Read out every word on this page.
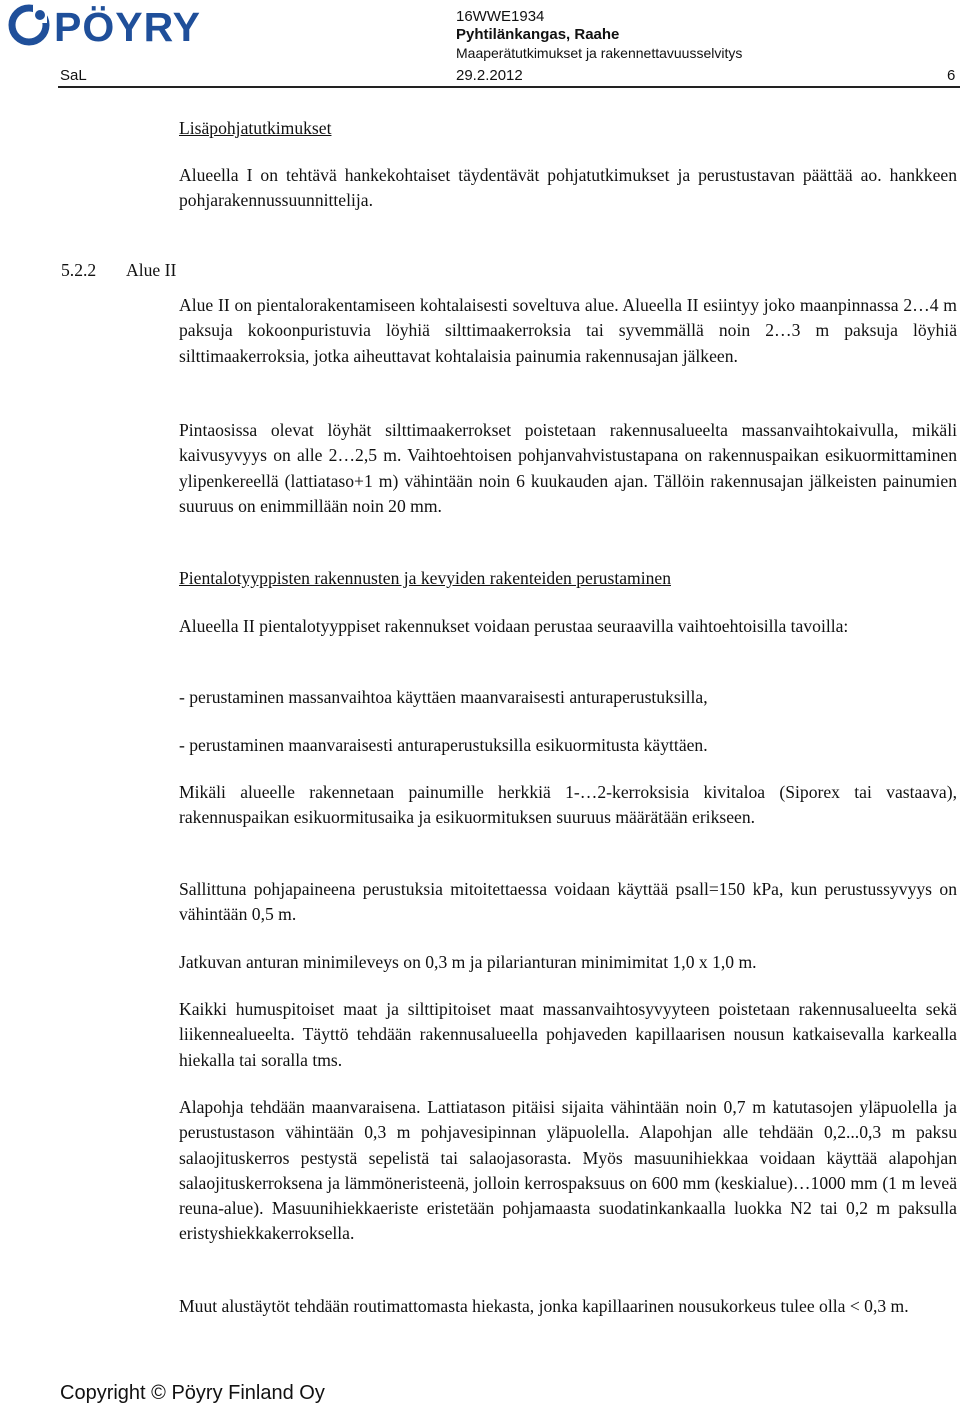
PÖYRY	16WWE1934
Pyhtilänkangas, Raahe
Maaperätutkimukset ja rakennettavuusselvitys
SaL	29.2.2012	6

Lisäpohjatutkimukset

Alueella I on tehtävä hankekohtaiset täydentävät pohjatutkimukset ja perustustavan päättää ao. hankkeen pohjarakennussuunnittelija.

5.2.2 Alue II

Alue II on pientalorakentamiseen kohtalaisesti soveltuva alue. Alueella II esiintyy joko maanpinnassa 2…4 m paksuja kokoonpuristuvia löyhiä silttimaakerroksia tai syvemmällä noin 2…3 m paksuja löyhiä silttimaakerroksia, jotka aiheuttavat kohtalaisia painumia rakennusajan jälkeen.

Pintaosissa olevat löyhät silttimaakerrokset poistetaan rakennusalueelta massanvaihtokaivulla, mikäli kaivusyvyys on alle 2…2,5 m. Vaihtoehtoisen pohjanvahvistustapana on rakennuspaikan esikuormittaminen ylipenkereellä (lattiataso+1 m) vähintään noin 6 kuukauden ajan. Tällöin rakennusajan jälkeisten painumien suuruus on enimmillään noin 20 mm.

Pientalotyyppisten rakennusten ja kevyiden rakenteiden perustaminen

Alueella II pientalotyyppiset rakennukset voidaan perustaa seuraavilla vaihtoehtoisilla tavoilla:

- perustaminen massanvaihtoa käyttäen maanvaraisesti anturaperustuksilla,
- perustaminen maanvaraisesti anturaperustuksilla esikuormitusta käyttäen.

Mikäli alueelle rakennetaan painumille herkkiä 1-…2-kerroksisia kivitaloa (Siporex tai vastaava), rakennuspaikan esikuormitusaika ja esikuormituksen suuruus määrätään erikseen.

Sallittuna pohjapaineena perustuksia mitoitettaessa voidaan käyttää psall=150 kPa, kun perustussyvyys on vähintään 0,5 m.

Jatkuvan anturan minimileveys on 0,3 m ja pilarianturan minimimitat 1,0 x 1,0 m.

Kaikki humuspitoiset maat ja silttipitoiset maat massanvaihtosyvyyteen poistetaan rakennusalueelta sekä liikennealueelta. Täyttö tehdään rakennusalueella pohjaveden kapillaarisen nousun katkaisevalla karkealla hiekalla tai soralla tms.

Alapohja tehdään maanvaraisena. Lattiatason pitäisi sijaita vähintään noin 0,7 m katutasojen yläpuolella ja perustustason vähintään 0,3 m pohjavesipinnan yläpuolella. Alapohjan alle tehdään 0,2...0,3 m paksu salaojituskerros pestystä sepelistä tai salaojasorasta. Myös masuunihiekkaa voidaan käyttää alapohjan salaojituskerroksena ja lämmöneristeenä, jolloin kerrospaksuus on 600 mm (keskialue)…1000 mm (1 m leveä reuna-alue). Masuunihiekkaeriste eristetään pohjamaasta suodatinkankaalla luokka N2 tai 0,2 m paksulla eristyshiekkakerroksella.

Muut alustäytöt tehdään routimattomasta hiekasta, jonka kapillaarinen nousukorkeus tulee olla < 0,3 m.

Copyright © Pöyry Finland Oy
